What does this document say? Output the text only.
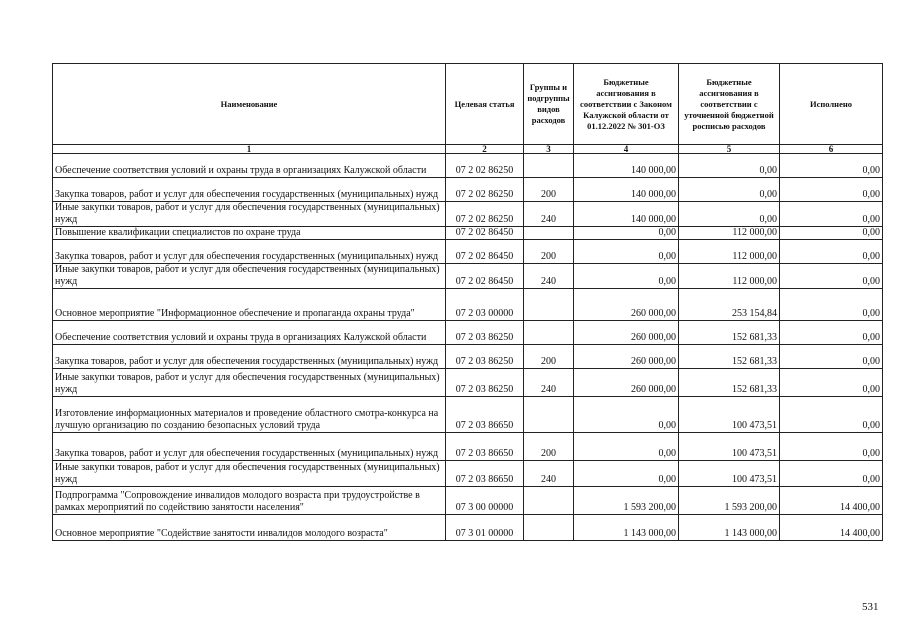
Наименование	Целевая статья	Группы и подгруппы видов расходов	Бюджетные ассигнования в соответствии с Законом Калужской области от 01.12.2022 № 301-ОЗ	Бюджетные ассигнования в соответствии с уточненной бюджетной росписью расходов	Исполнено
1	2	3	4	5	6
Обеспечение соответствия условий и охраны труда в организациях Калужской области	07 2 02 86250		140 000,00	0,00	0,00
Закупка товаров, работ и услуг для обеспечения государственных (муниципальных) нужд	07 2 02 86250	200	140 000,00	0,00	0,00
Иные закупки товаров, работ и услуг для обеспечения государственных (муниципальных) нужд	07 2 02 86250	240	140 000,00	0,00	0,00
Повышение квалификации специалистов по охране труда	07 2 02 86450		0,00	112 000,00	0,00
Закупка товаров, работ и услуг для обеспечения государственных (муниципальных) нужд	07 2 02 86450	200	0,00	112 000,00	0,00
Иные закупки товаров, работ и услуг для обеспечения государственных (муниципальных) нужд	07 2 02 86450	240	0,00	112 000,00	0,00
Основное мероприятие "Информационное обеспечение и пропаганда охраны труда"	07 2 03 00000		260 000,00	253 154,84	0,00
Обеспечение соответствия условий и охраны труда в организациях Калужской области	07 2 03 86250		260 000,00	152 681,33	0,00
Закупка товаров, работ и услуг для обеспечения государственных (муниципальных) нужд	07 2 03 86250	200	260 000,00	152 681,33	0,00
Иные закупки товаров, работ и услуг для обеспечения государственных (муниципальных) нужд	07 2 03 86250	240	260 000,00	152 681,33	0,00
Изготовление информационных материалов и проведение областного смотра-конкурса на лучшую организацию по созданию безопасных условий труда	07 2 03 86650		0,00	100 473,51	0,00
Закупка товаров, работ и услуг для обеспечения государственных (муниципальных) нужд	07 2 03 86650	200	0,00	100 473,51	0,00
Иные закупки товаров, работ и услуг для обеспечения государственных (муниципальных) нужд	07 2 03 86650	240	0,00	100 473,51	0,00
Подпрограмма "Сопровождение инвалидов молодого возраста при трудоустройстве в рамках мероприятий по содействию занятости населения"	07 3 00 00000		1 593 200,00	1 593 200,00	14 400,00
Основное мероприятие "Содействие занятости инвалидов молодого возраста"	07 3 01 00000		1 143 000,00	1 143 000,00	14 400,00
531
